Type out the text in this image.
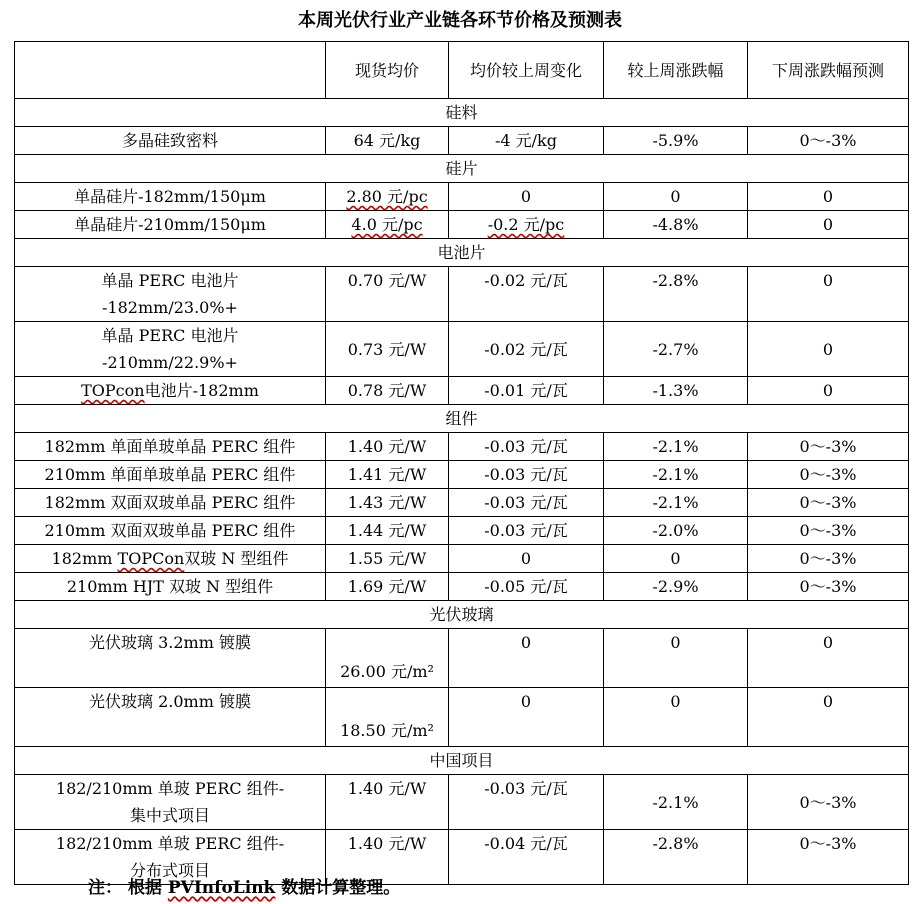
本周光伏行业产业链各环节价格及预测表
	现货均价	均价较上周变化	较上周涨跌幅	下周涨跌幅预测
硅料				
多晶硅致密料	64 元/kg	-4 元/kg	-5.9%	0～-3%
硅片				
单晶硅片-182mm/150μm	2.80 元/pc	0	0	0
单晶硅片-210mm/150μm	4.0 元/pc	-0.2 元/pc	-4.8%	0
电池片				
单晶 PERC 电池片
-182mm/23.0%+	0.70 元/W	-0.02 元/瓦	-2.8%	0
单晶 PERC 电池片
-210mm/22.9%+	0.73 元/W	-0.02 元/瓦	-2.7%	0
TOPcon电池片-182mm	0.78 元/W	-0.01 元/瓦	-1.3%	0
组件				
182mm 单面单玻单晶 PERC 组件	1.40 元/W	-0.03 元/瓦	-2.1%	0～-3%
210mm 单面单玻单晶 PERC 组件	1.41 元/W	-0.03 元/瓦	-2.1%	0～-3%
182mm 双面双玻单晶 PERC 组件	1.43 元/W	-0.03 元/瓦	-2.1%	0～-3%
210mm 双面双玻单晶 PERC 组件	1.44 元/W	-0.03 元/瓦	-2.0%	0～-3%
182mm TOPCon双玻 N 型组件	1.55 元/W	0	0	0～-3%
210mm HJT 双玻 N 型组件	1.69 元/W	-0.05 元/瓦	-2.9%	0～-3%
光伏玻璃				
光伏玻璃 3.2mm 镀膜	26.00 元/m²	0	0	0
光伏玻璃 2.0mm 镀膜	18.50 元/m²	0	0	0
中国项目				
182/210mm 单玻 PERC 组件-
集中式项目	1.40 元/W	-0.03 元/瓦	-2.1%	0～-3%
182/210mm 单玻 PERC 组件-
分布式项目	1.40 元/W	-0.04 元/瓦	-2.8%	0～-3%
注： 根据 PVInfoLink 数据计算整理。
